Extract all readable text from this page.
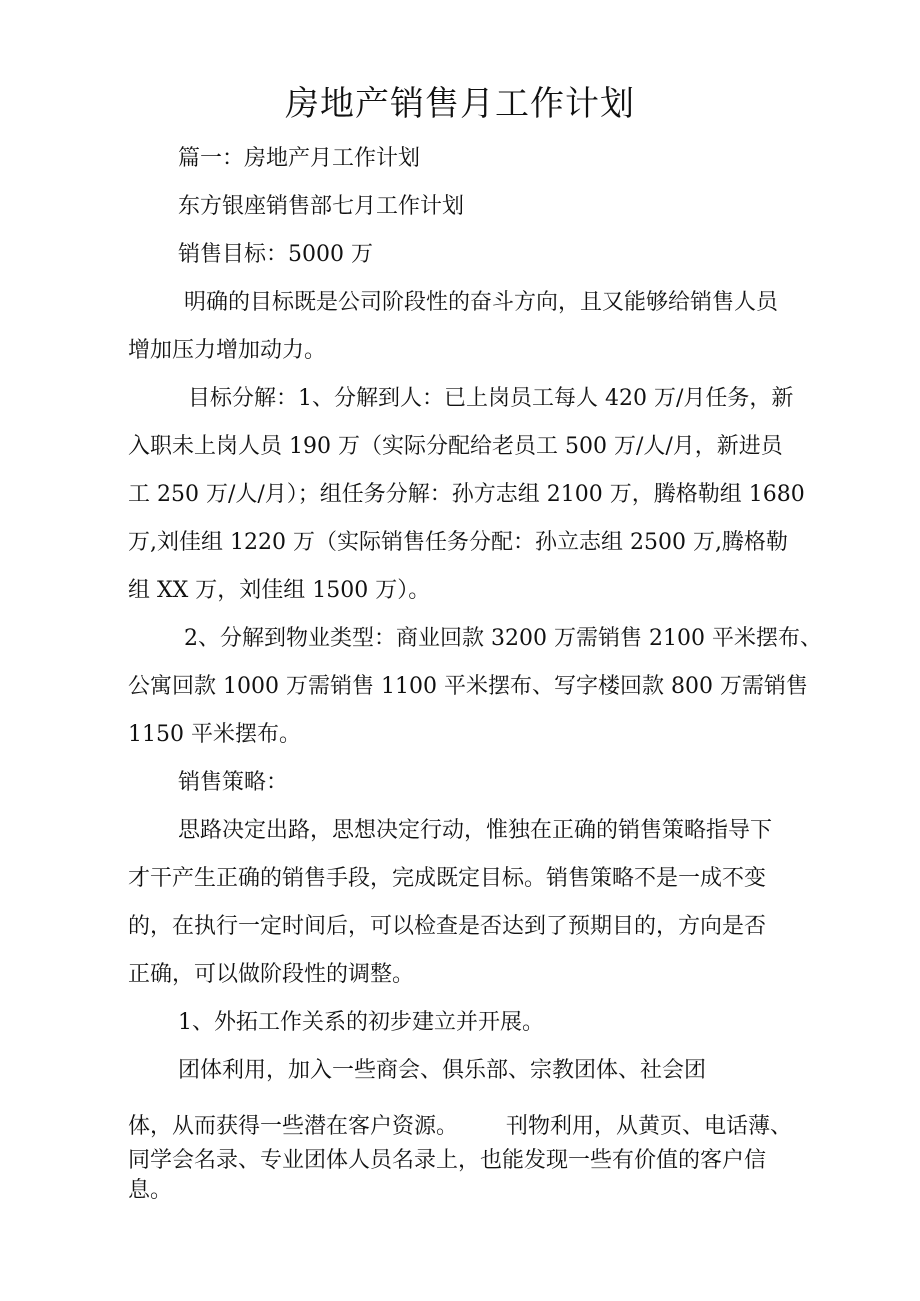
房地产销售月工作计划
篇一：房地产月工作计划
东方银座销售部七月工作计划
销售目标：5000 万
明确的目标既是公司阶段性的奋斗方向，且又能够给销售人员
增加压力增加动力。
目标分解：1、分解到人：已上岗员工每人 420 万/月任务，新
入职未上岗人员 190 万（实际分配给老员工 500 万/人/月，新进员
工 250 万/人/月）；组任务分解：孙方志组 2100 万，腾格勒组 1680
万,刘佳组 1220 万（实际销售任务分配：孙立志组 2500 万,腾格勒
组 XX 万，刘佳组 1500 万）。
2、分解到物业类型：商业回款 3200 万需销售 2100 平米摆布、
公寓回款 1000 万需销售 1100 平米摆布、写字楼回款 800 万需销售
1150 平米摆布。
销售策略：
思路决定出路，思想决定行动，惟独在正确的销售策略指导下
才干产生正确的销售手段，完成既定目标。销售策略不是一成不变
的，在执行一定时间后，可以检查是否达到了预期目的，方向是否
正确，可以做阶段性的调整。
1、外拓工作关系的初步建立并开展。
团体利用，加入一些商会、俱乐部、宗教团体、社会团
体，从而获得一些潜在客户资源。 刊物利用，从黄页、电话薄、
同学会名录、专业团体人员名录上，也能发现一些有价值的客户信
息。
